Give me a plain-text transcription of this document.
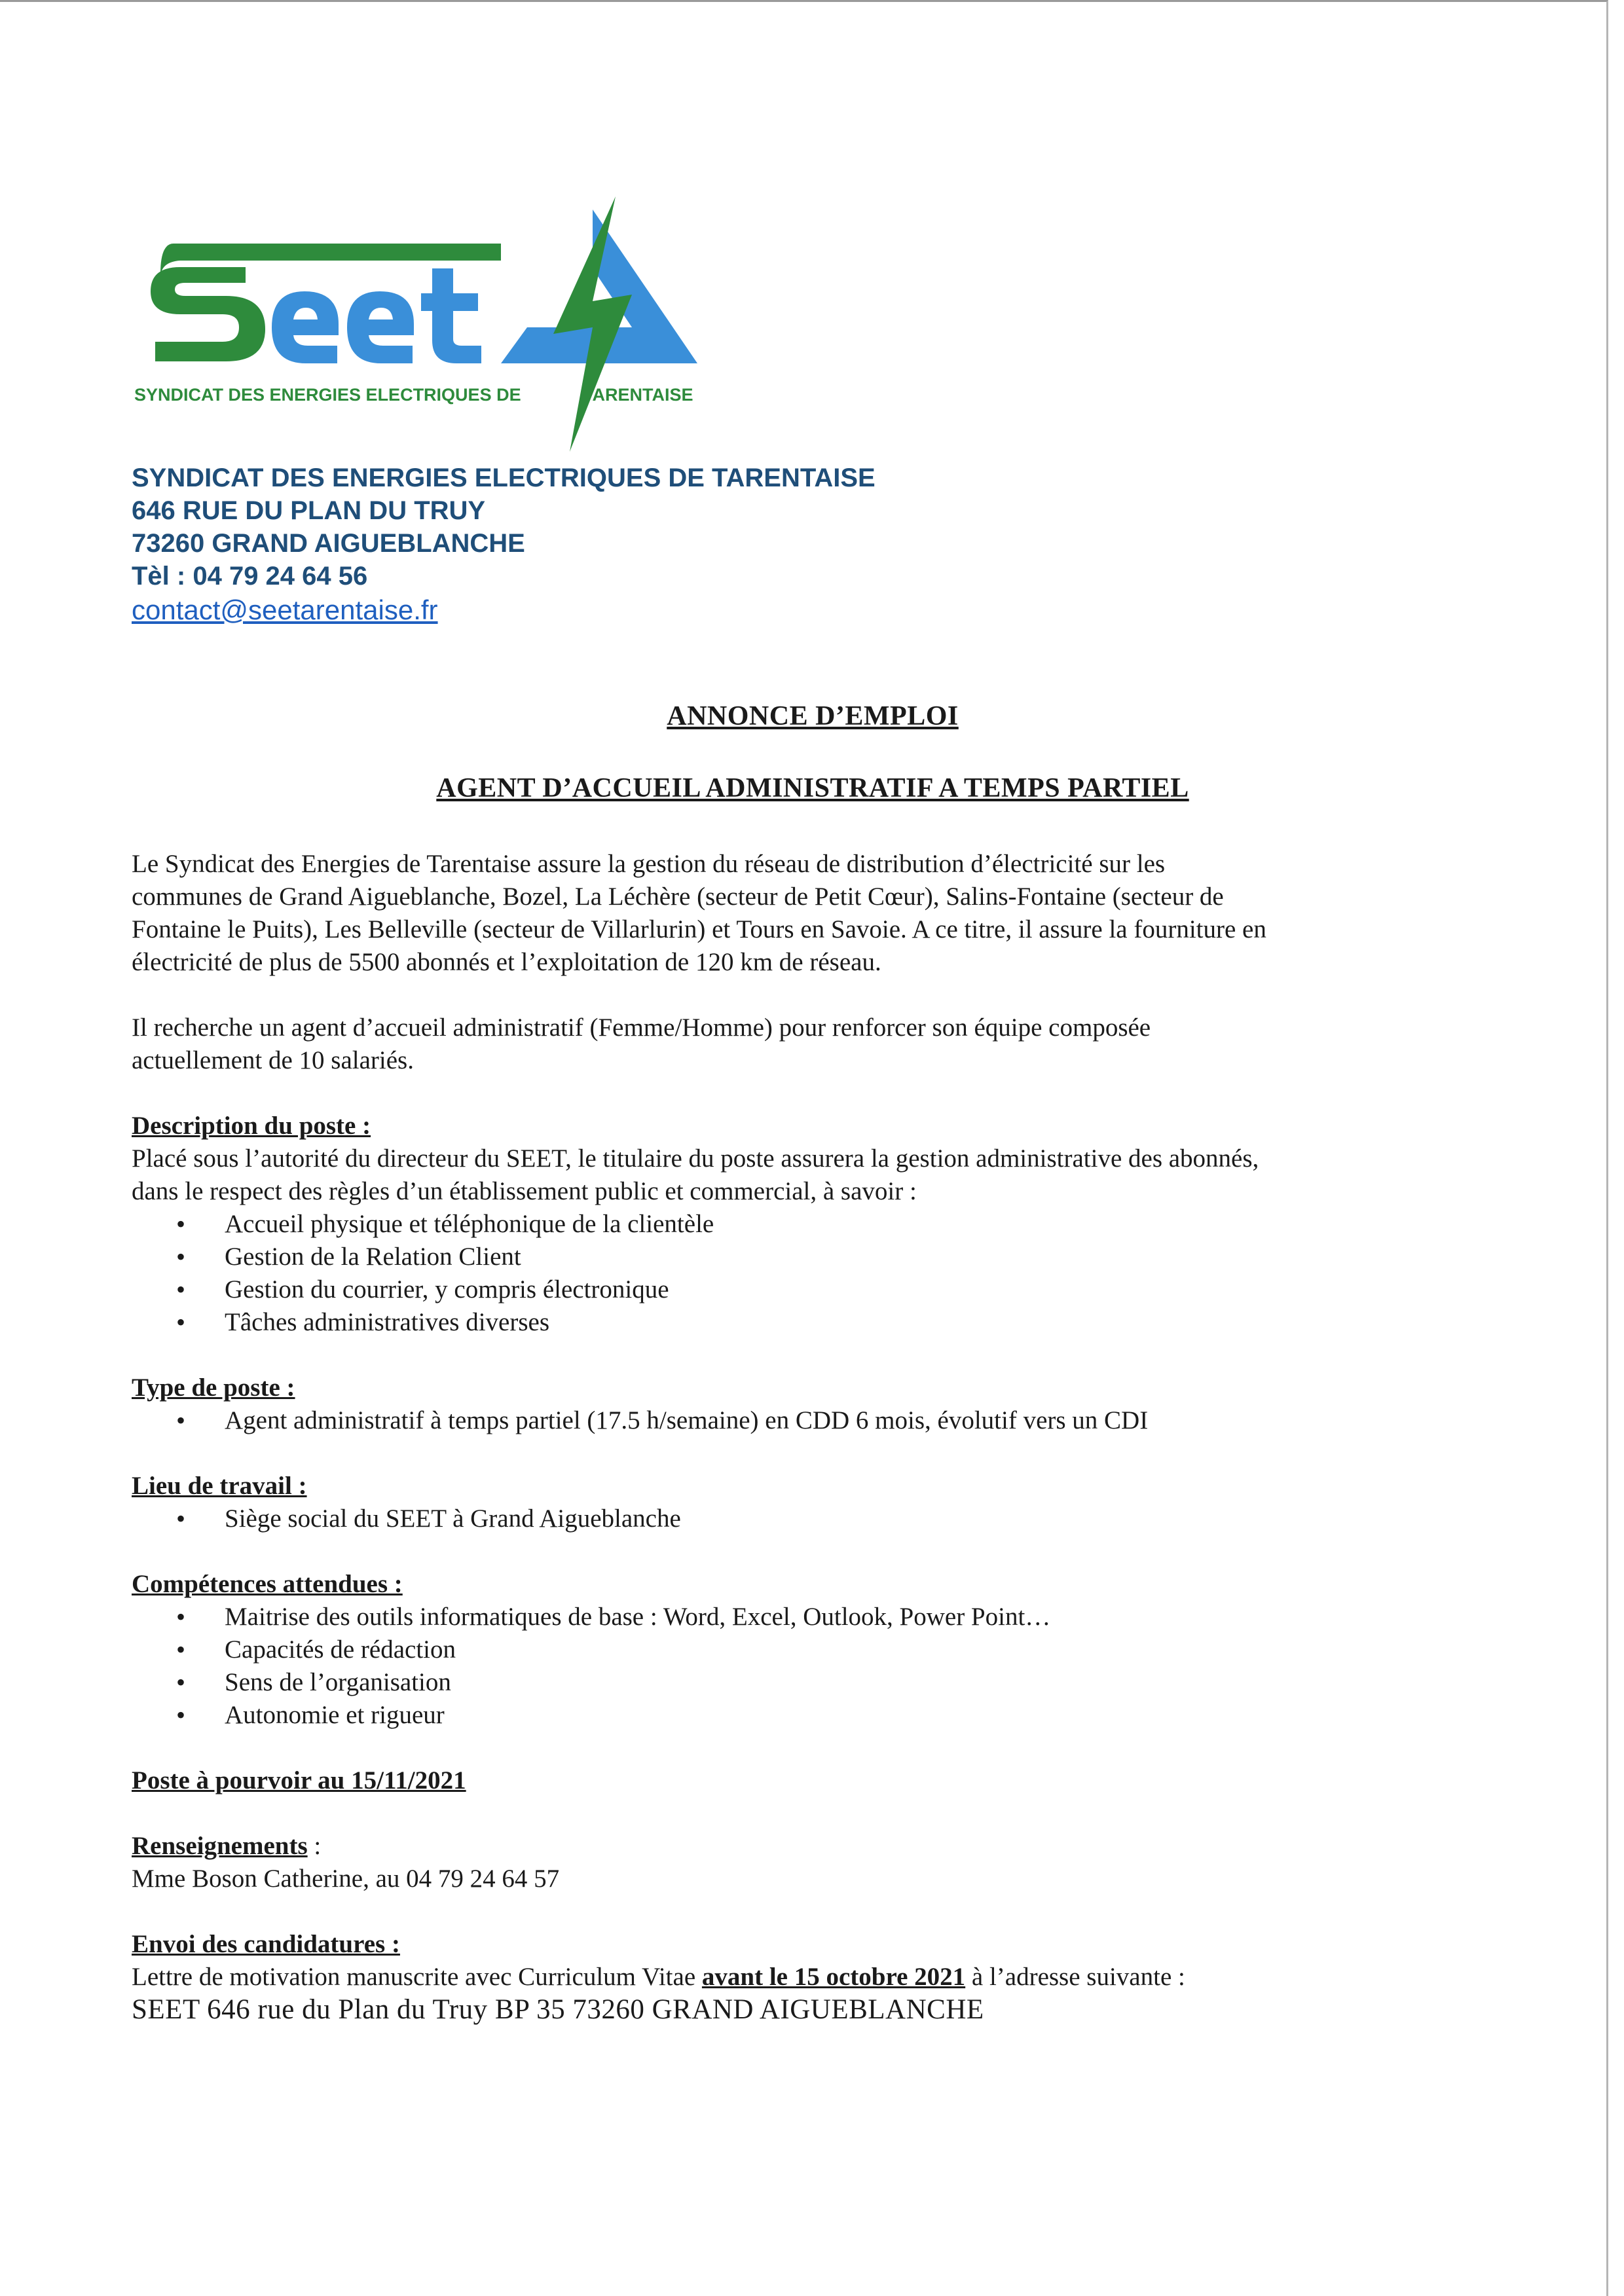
SYNDICAT DES ENERGIES ELECTRIQUES DE	TARENTAISE
SYNDICAT DES ENERGIES ELECTRIQUES DE TARENTAISE
646 RUE DU PLAN DU TRUY
73260 GRAND AIGUEBLANCHE
Tèl : 04 79 24 64 56
contact@seetarentaise.fr
ANNONCE D’EMPLOI
AGENT D’ACCUEIL ADMINISTRATIF A TEMPS PARTIEL

Le Syndicat des Energies de Tarentaise assure la gestion du réseau de distribution d’électricité sur les

communes de Grand Aigueblanche, Bozel, La Léchère (secteur de Petit Cœur), Salins-Fontaine (secteur de

Fontaine le Puits), Les Belleville (secteur de Villarlurin) et Tours en Savoie. A ce titre, il assure la fourniture en

électricité de plus de 5500 abonnés et l’exploitation de 120 km de réseau.

Il recherche un agent d’accueil administratif (Femme/Homme) pour renforcer son équipe composée

actuellement de 10 salariés.

Description du poste :

Placé sous l’autorité du directeur du SEET, le titulaire du poste assurera la gestion administrative des abonnés,

dans le respect des règles d’un établissement public et commercial, à savoir :

• Accueil physique et téléphonique de la clientèle
• Gestion de la Relation Client
• Gestion du courrier, y compris électronique
• Tâches administratives diverses

Type de poste :

• Agent administratif à temps partiel (17.5 h/semaine) en CDD 6 mois, évolutif vers un CDI

Lieu de travail :

• Siège social du SEET à Grand Aigueblanche

Compétences attendues :

• Maitrise des outils informatiques de base : Word, Excel, Outlook, Power Point…
• Capacités de rédaction
• Sens de l’organisation
• Autonomie et rigueur

Poste à pourvoir au 15/11/2021

Renseignements :

Mme Boson Catherine, au 04 79 24 64 57

Envoi des candidatures :

Lettre de motivation manuscrite avec Curriculum Vitae avant le 15 octobre 2021 à l’adresse suivante :

SEET 646 rue du Plan du Truy BP 35 73260 GRAND AIGUEBLANCHE
